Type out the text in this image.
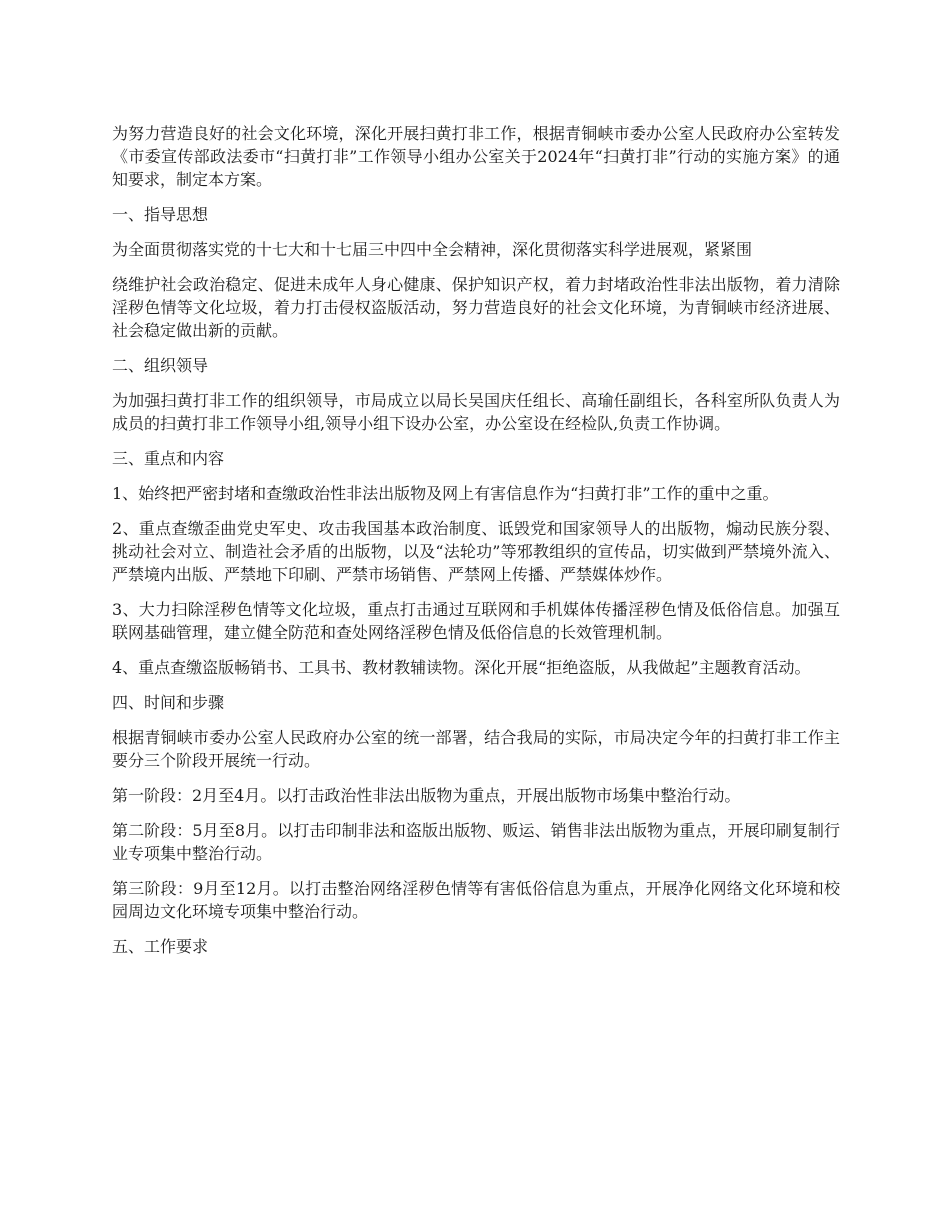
为努力营造良好的社会文化环境，深化开展扫黄打非工作，根据青铜峡市委办公室人民政府办公室转发《市委宣传部政法委市“扫黄打非”工作领导小组办公室关于2024年“扫黄打非”行动的实施方案》的通知要求，制定本方案。

一、指导思想

为全面贯彻落实党的十七大和十七届三中四中全会精神，深化贯彻落实科学进展观，紧紧围

绕维护社会政治稳定、促进未成年人身心健康、保护知识产权，着力封堵政治性非法出版物，着力清除淫秽色情等文化垃圾，着力打击侵权盗版活动，努力营造良好的社会文化环境，为青铜峡市经济进展、社会稳定做出新的贡献。

二、组织领导

为加强扫黄打非工作的组织领导，市局成立以局长吴国庆任组长、高瑜任副组长，各科室所队负责人为成员的扫黄打非工作领导小组,领导小组下设办公室，办公室设在经检队,负责工作协调。

三、重点和内容

1、始终把严密封堵和查缴政治性非法出版物及网上有害信息作为“扫黄打非”工作的重中之重。

2、重点查缴歪曲党史军史、攻击我国基本政治制度、诋毁党和国家领导人的出版物，煽动民族分裂、挑动社会对立、制造社会矛盾的出版物，以及“法轮功”等邪教组织的宣传品，切实做到严禁境外流入、严禁境内出版、严禁地下印刷、严禁市场销售、严禁网上传播、严禁媒体炒作。

3、大力扫除淫秽色情等文化垃圾，重点打击通过互联网和手机媒体传播淫秽色情及低俗信息。加强互联网基础管理，建立健全防范和查处网络淫秽色情及低俗信息的长效管理机制。

4、重点查缴盗版畅销书、工具书、教材教辅读物。深化开展“拒绝盗版，从我做起”主题教育活动。

四、时间和步骤

根据青铜峡市委办公室人民政府办公室的统一部署，结合我局的实际，市局决定今年的扫黄打非工作主要分三个阶段开展统一行动。

第一阶段：2月至4月。以打击政治性非法出版物为重点，开展出版物市场集中整治行动。

第二阶段：5月至8月。以打击印制非法和盗版出版物、贩运、销售非法出版物为重点，开展印刷复制行业专项集中整治行动。

第三阶段：9月至12月。以打击整治网络淫秽色情等有害低俗信息为重点，开展净化网络文化环境和校园周边文化环境专项集中整治行动。

五、工作要求
